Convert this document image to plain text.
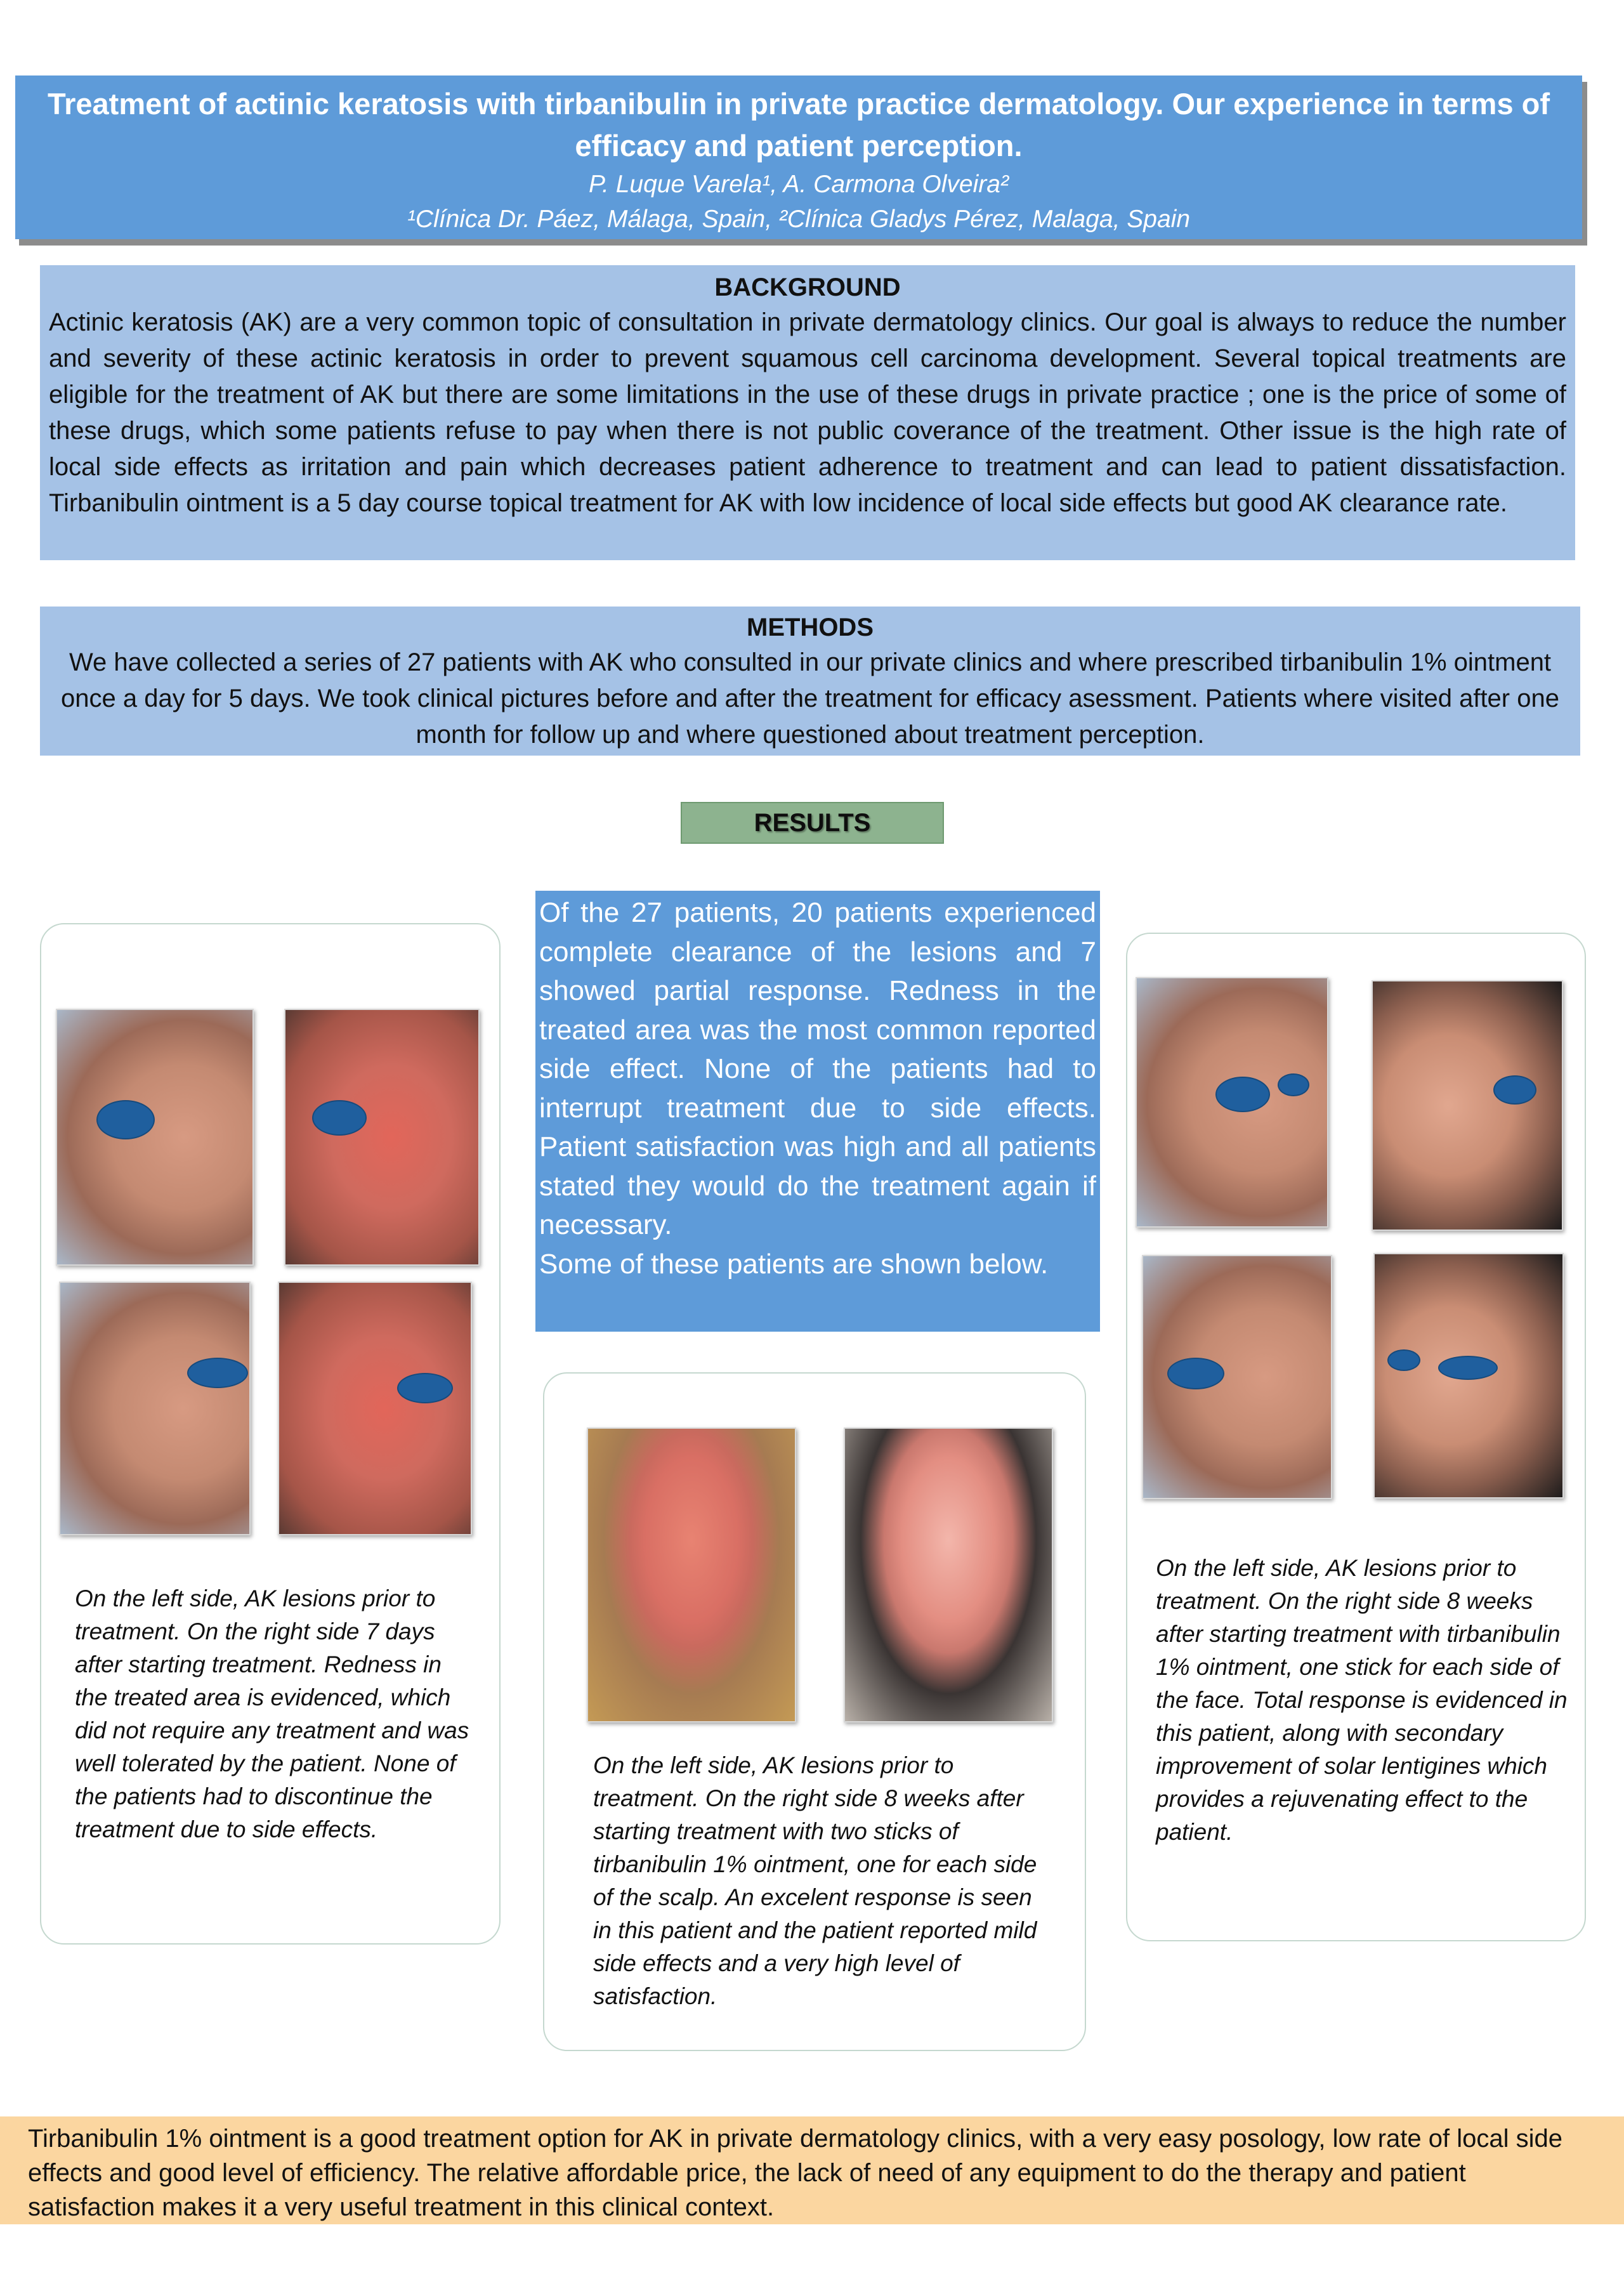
Treatment of actinic keratosis with tirbanibulin in private practice dermatology. Our experience in terms of efficacy and patient perception.
P. Luque Varela¹, A. Carmona Olveira²
¹Clínica Dr. Páez, Málaga, Spain, ²Clínica Gladys Pérez, Malaga, Spain
BACKGROUND
Actinic keratosis (AK) are a very common topic of consultation in private dermatology clinics. Our goal is always to reduce the number and severity of these actinic keratosis in order to prevent squamous cell carcinoma development. Several topical treatments are eligible for the treatment of AK but there are some limitations in the use of these drugs in private practice ; one is the price of some of these drugs, which some patients refuse to pay when there is not public coverance of the treatment. Other issue is the high rate of local side effects as irritation and pain which decreases patient adherence to treatment and can lead to patient dissatisfaction. Tirbanibulin ointment is a 5 day course topical treatment for AK with low incidence of local side effects but good AK clearance rate.
METHODS
We have collected a series of 27 patients with AK who consulted in our private clinics and where prescribed tirbanibulin 1% ointment once a day for 5 days. We took clinical pictures before and after the treatment for efficacy asessment. Patients where visited after one month for follow up and where questioned about treatment perception.
RESULTS
On the left side, AK lesions prior to treatment. On the right side 7 days after starting treatment. Redness in the treated area is evidenced, which did not require any treatment and was well tolerated by the patient. None of the patients had to discontinue the treatment due to side effects.
On the left side, AK lesions prior to treatment. On the right side 8 weeks after starting treatment with two sticks of tirbanibulin 1% ointment, one for each side of the scalp. An excelent response is seen in this patient and the patient reported mild side effects and a very high level of satisfaction.
On the left side, AK lesions prior to treatment. On the right side 8 weeks after starting treatment with tirbanibulin 1% ointment, one stick for each side of the face. Total response is evidenced in this patient, along with secondary improvement of solar lentigines which provides a rejuvenating effect to the patient.
Of the 27 patients, 20 patients experienced complete clearance of the lesions and 7 showed partial response. Redness in the treated area was the most common reported side effect. None of the patients had to interrupt treatment due to side effects. Patient satisfaction was high and all patients stated they would do the treatment again if necessary.
Some of these patients are shown below.
Tirbanibulin 1% ointment is a good treatment option for AK in private dermatology clinics, with a very easy posology, low rate of local side effects and good level of efficiency. The relative affordable price, the lack of need of any equipment to do the therapy and patient satisfaction makes it a very useful treatment in this clinical context.
